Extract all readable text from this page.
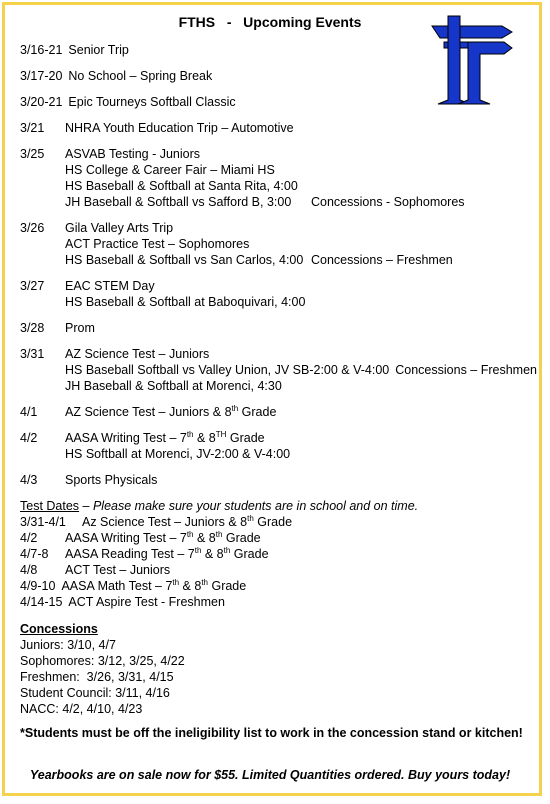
FTHS - Upcoming Events
3/16-21 Senior Trip
3/17-20 No School – Spring Break
3/20-21 Epic Tourneys Softball Classic
3/21	NHRA Youth Education Trip – Automotive
3/25	ASVAB Testing - Juniors
HS College & Career Fair – Miami HS
HS Baseball & Softball at Santa Rita, 4:00
JH Baseball & Softball vs Safford B, 3:00 Concessions - Sophomores
3/26	Gila Valley Arts Trip
ACT Practice Test – Sophomores
HS Baseball & Softball vs San Carlos, 4:00 Concessions – Freshmen
3/27	EAC STEM Day
HS Baseball & Softball at Baboquivari, 4:00
3/28	Prom
3/31	AZ Science Test – Juniors
HS Baseball Softball vs Valley Union, JV SB-2:00 & V-4:00 Concessions – Freshmen
JH Baseball & Softball at Morenci, 4:30
4/1	AZ Science Test – Juniors & 8th Grade
4/2	AASA Writing Test – 7th & 8TH Grade
HS Softball at Morenci, JV-2:00 & V-4:00
4/3	Sports Physicals
Test Dates – Please make sure your students are in school and on time.
3/31-4/1	Az Science Test – Juniors & 8th Grade
4/2	AASA Writing Test – 7th & 8th Grade
4/7-8	AASA Reading Test – 7th & 8th Grade
4/8	ACT Test – Juniors
4/9-10 AASA Math Test – 7th & 8th Grade
4/14-15 ACT Aspire Test - Freshmen
Concessions
Juniors: 3/10, 4/7
Sophomores: 3/12, 3/25, 4/22
Freshmen:  3/26, 3/31, 4/15
Student Council: 3/11, 4/16
NACC: 4/2, 4/10, 4/23
*Students must be off the ineligibility list to work in the concession stand or kitchen!
Yearbooks are on sale now for $55. Limited Quantities ordered. Buy yours today!
